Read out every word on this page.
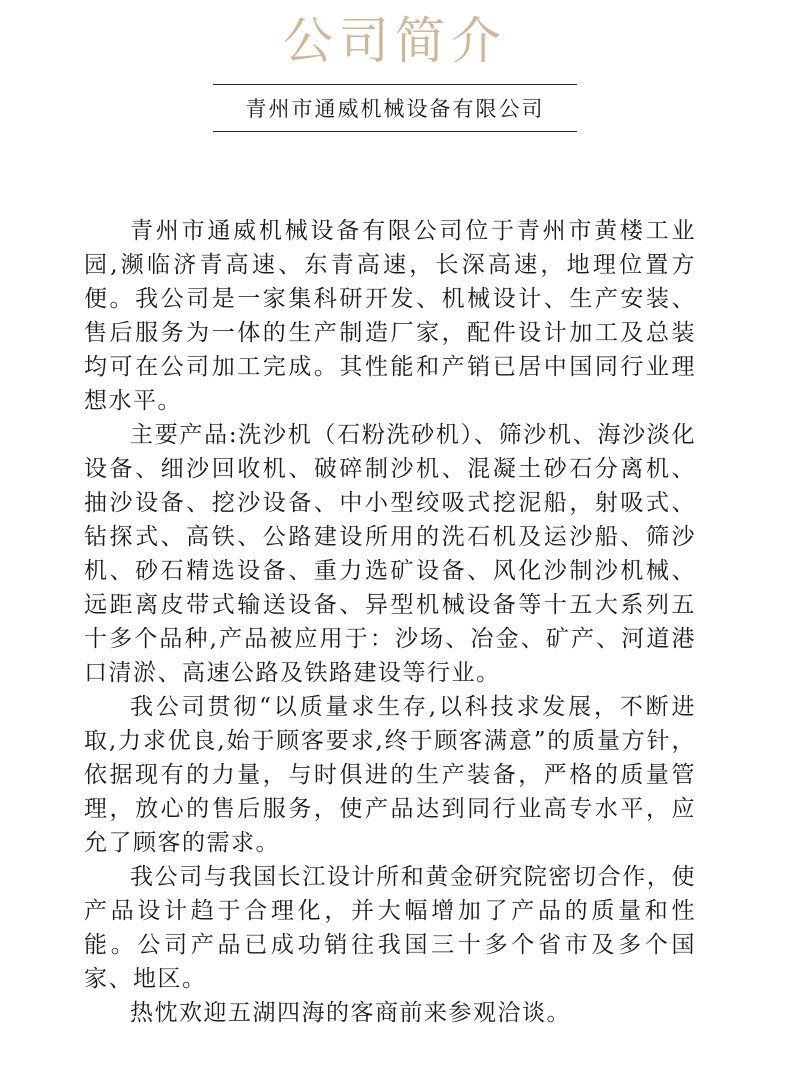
公司简介
青州市通威机械设备有限公司

青州市通威机械设备有限公司位于青州市黄楼工业园,濒临济青高速、东青高速，长深高速，地理位置方便。我公司是一家集科研开发、机械设计、生产安装、售后服务为一体的生产制造厂家，配件设计加工及总装均可在公司加工完成。其性能和产销已居中国同行业理想水平。

主要产品:洗沙机（石粉洗砂机）、筛沙机、海沙淡化设备、细沙回收机、破碎制沙机、混凝土砂石分离机、抽沙设备、挖沙设备、中小型绞吸式挖泥船，射吸式、钻探式、高铁、公路建设所用的洗石机及运沙船、筛沙机、砂石精选设备、重力选矿设备、风化沙制沙机械、远距离皮带式输送设备、异型机械设备等十五大系列五十多个品种,产品被应用于：沙场、冶金、矿产、河道港口清淤、高速公路及铁路建设等行业。

我公司贯彻“以质量求生存,以科技求发展，不断进取,力求优良,始于顾客要求,终于顾客满意”的质量方针，依据现有的力量，与时俱进的生产装备，严格的质量管理，放心的售后服务，使产品达到同行业高专水平，应允了顾客的需求。

我公司与我国长江设计所和黄金研究院密切合作，使产品设计趋于合理化，并大幅增加了产品的质量和性能。公司产品已成功销往我国三十多个省市及多个国家、地区。

热忱欢迎五湖四海的客商前来参观洽谈。
